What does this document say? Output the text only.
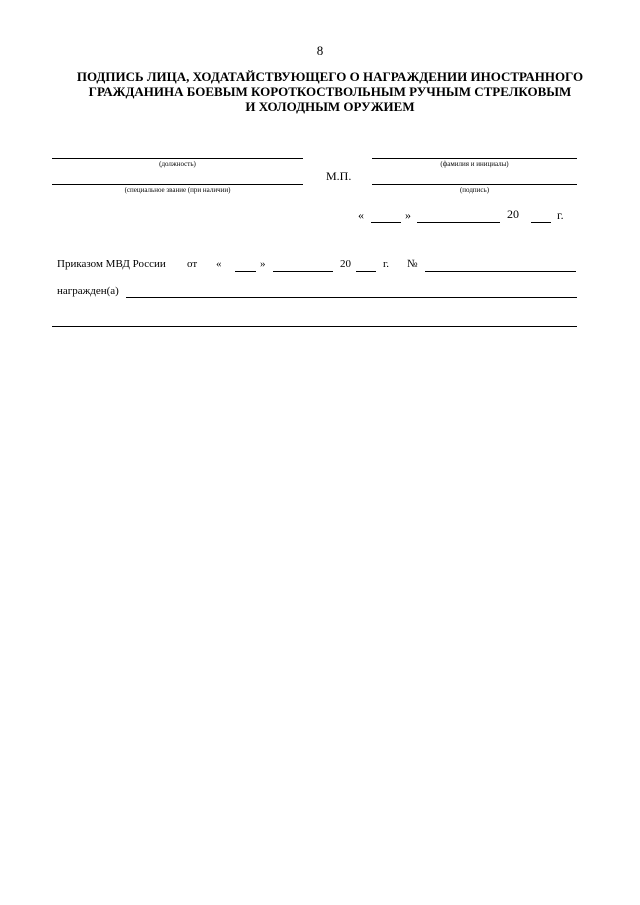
8
ПОДПИСЬ ЛИЦА, ХОДАТАЙСТВУЮЩЕГО О НАГРАЖДЕНИИ ИНОСТРАННОГО
ГРАЖДАНИНА БОЕВЫМ КОРОТКОСТВОЛЬНЫМ РУЧНЫМ СТРЕЛКОВЫМ
И ХОЛОДНЫМ ОРУЖИЕМ
(должность)
(специальное звание (при наличии)
М.П.
(фамилия и инициалы)
(подпись)
«	»	20	г.
Приказом МВД России от «	»	20	г. №
награжден(а)
